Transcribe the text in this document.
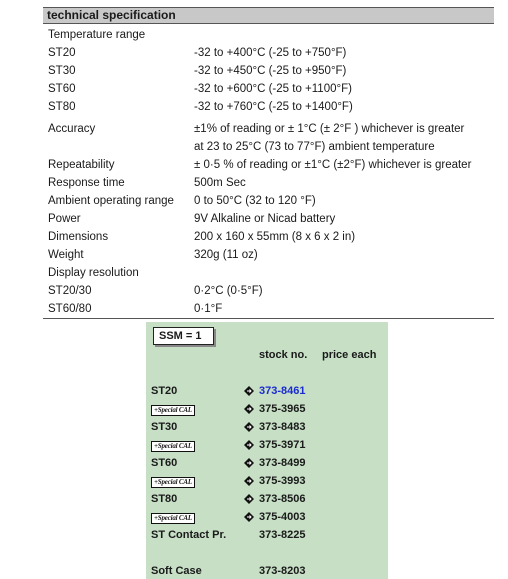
technical specification
Temperature range
ST20	-32 to +400°C (-25 to +750°F)
ST30	-32 to +450°C (-25 to +950°F)
ST60	-32 to +600°C (-25 to +1100°F)
ST80	-32 to +760°C (-25 to +1400°F)
Accuracy	±1% of reading or ± 1°C (± 2°F ) whichever is greater
at 23 to 25°C (73 to 77°F) ambient temperature
Repeatability	± 0·5 % of reading or ±1°C (±2°F) whichever is greater
Response time	500m Sec
Ambient operating range	0 to 50°C (32 to 120 °F)
Power	9V Alkaline or Nicad battery
Dimensions	200 x 160 x 55mm (8 x 6 x 2 in)
Weight	320g (11 oz)
Display resolution
ST20/30	0·2°C (0·5°F)
ST60/80	0·1°F
SSM = 1
stock no. price each
ST20	373-8461
+Special CAL	375-3965
ST30	373-8483
+Special CAL	375-3971
ST60	373-8499
+Special CAL	375-3993
ST80	373-8506
+Special CAL	375-4003
ST Contact Pr.	373-8225
Soft Case	373-8203
